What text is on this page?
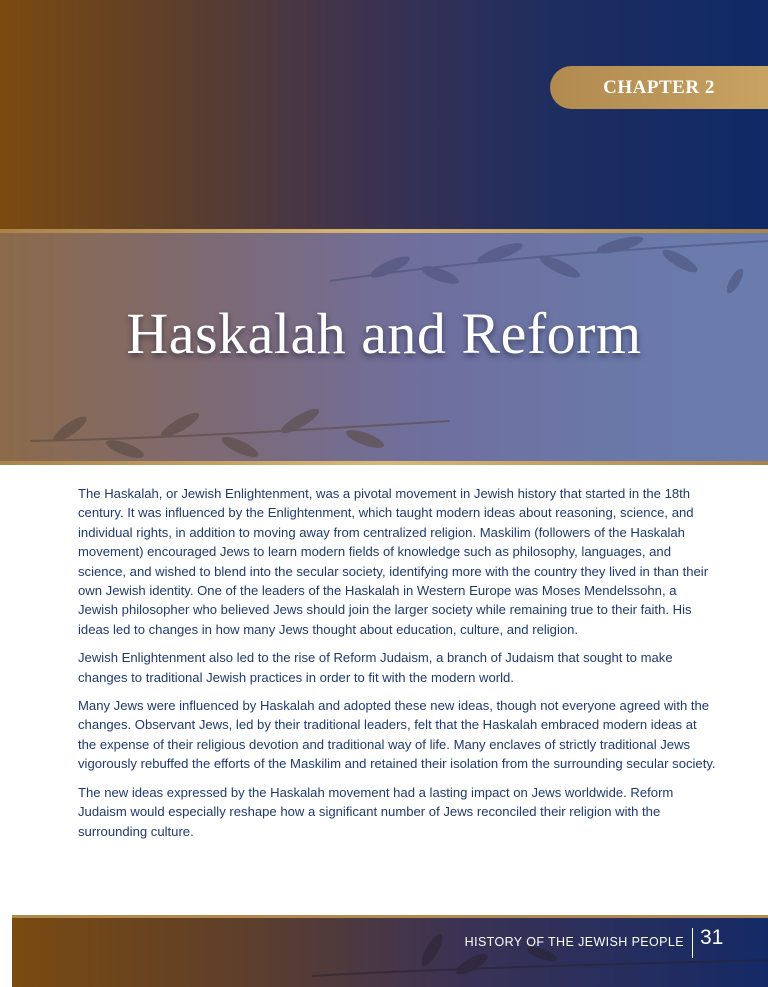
CHAPTER 2
Haskalah and Reform

The Haskalah, or Jewish Enlightenment, was a pivotal movement in Jewish history that started in the 18th century. It was influenced by the Enlightenment, which taught modern ideas about reasoning, science, and individual rights, in addition to moving away from centralized religion. Maskilim (followers of the Haskalah movement) encouraged Jews to learn modern fields of knowledge such as philosophy, languages, and science, and wished to blend into the secular society, identifying more with the country they lived in than their own Jewish identity. One of the leaders of the Haskalah in Western Europe was Moses Mendelssohn, a Jewish philosopher who believed Jews should join the larger society while remaining true to their faith. His ideas led to changes in how many Jews thought about education, culture, and religion.

Jewish Enlightenment also led to the rise of Reform Judaism, a branch of Judaism that sought to make changes to traditional Jewish practices in order to fit with the modern world.

Many Jews were influenced by Haskalah and adopted these new ideas, though not everyone agreed with the changes. Observant Jews, led by their traditional leaders, felt that the Haskalah embraced modern ideas at the expense of their religious devotion and traditional way of life. Many enclaves of strictly traditional Jews vigorously rebuffed the efforts of the Maskilim and retained their isolation from the surrounding secular society.

The new ideas expressed by the Haskalah movement had a lasting impact on Jews worldwide. Reform Judaism would especially reshape how a significant number of Jews reconciled their religion with the surrounding culture.

HISTORY OF THE JEWISH PEOPLE 31
